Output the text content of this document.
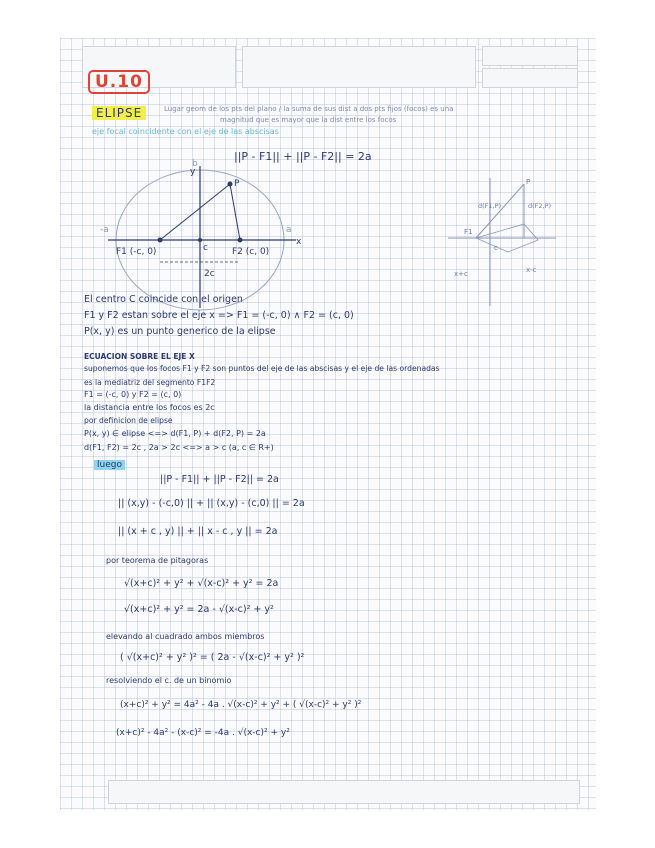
U.10
ELIPSE	Lugar geom de los pts del plano / la suma de sus dist a dos pts fijos (focos) es una
magnitud que es mayor que la dist entre los focos
eje focal coincidente con el eje de las abscisas
||P - F1|| + ||P - F2|| = 2a
y
x
P
F1 (-c, 0)	F2 (c, 0)
c
2c
-a	a
b
P
d(F1,P)	d(F2,P)
F1
c
x+c	x-c
El centro C coincide con el origen
F1 y F2 estan sobre el eje x => F1 = (-c, 0) ∧ F2 = (c, 0)
P(x, y) es un punto generico de la elipse
ECUACION SOBRE EL EJE X
suponemos que los focos F1 y F2 son puntos del eje de las abscisas y el eje de las ordenadas
es la mediatriz del segmento F1F2
F1 = (-c, 0) y F2 = (c, 0)
la distancia entre los focos es 2c
por definicion de elipse
P(x, y) ∈ elipse <=> d(F1, P) + d(F2, P) = 2a
d(F1, F2) = 2c , 2a > 2c <=> a > c (a, c ∈ R+)
luego
||P - F1|| + ||P - F2|| = 2a
|| (x,y) - (-c,0) || + || (x,y) - (c,0) || = 2a
|| (x + c , y) || + || x - c , y || = 2a
por teorema de pitagoras
√(x+c)² + y² + √(x-c)² + y² = 2a
√(x+c)² + y² = 2a - √(x-c)² + y²
elevando al cuadrado ambos miembros
( √(x+c)² + y² )² = ( 2a - √(x-c)² + y² )²
resolviendo el c. de un binomio
(x+c)² + y² = 4a² - 4a . √(x-c)² + y² + ( √(x-c)² + y² )²
(x+c)² - 4a² - (x-c)² = -4a . √(x-c)² + y²
